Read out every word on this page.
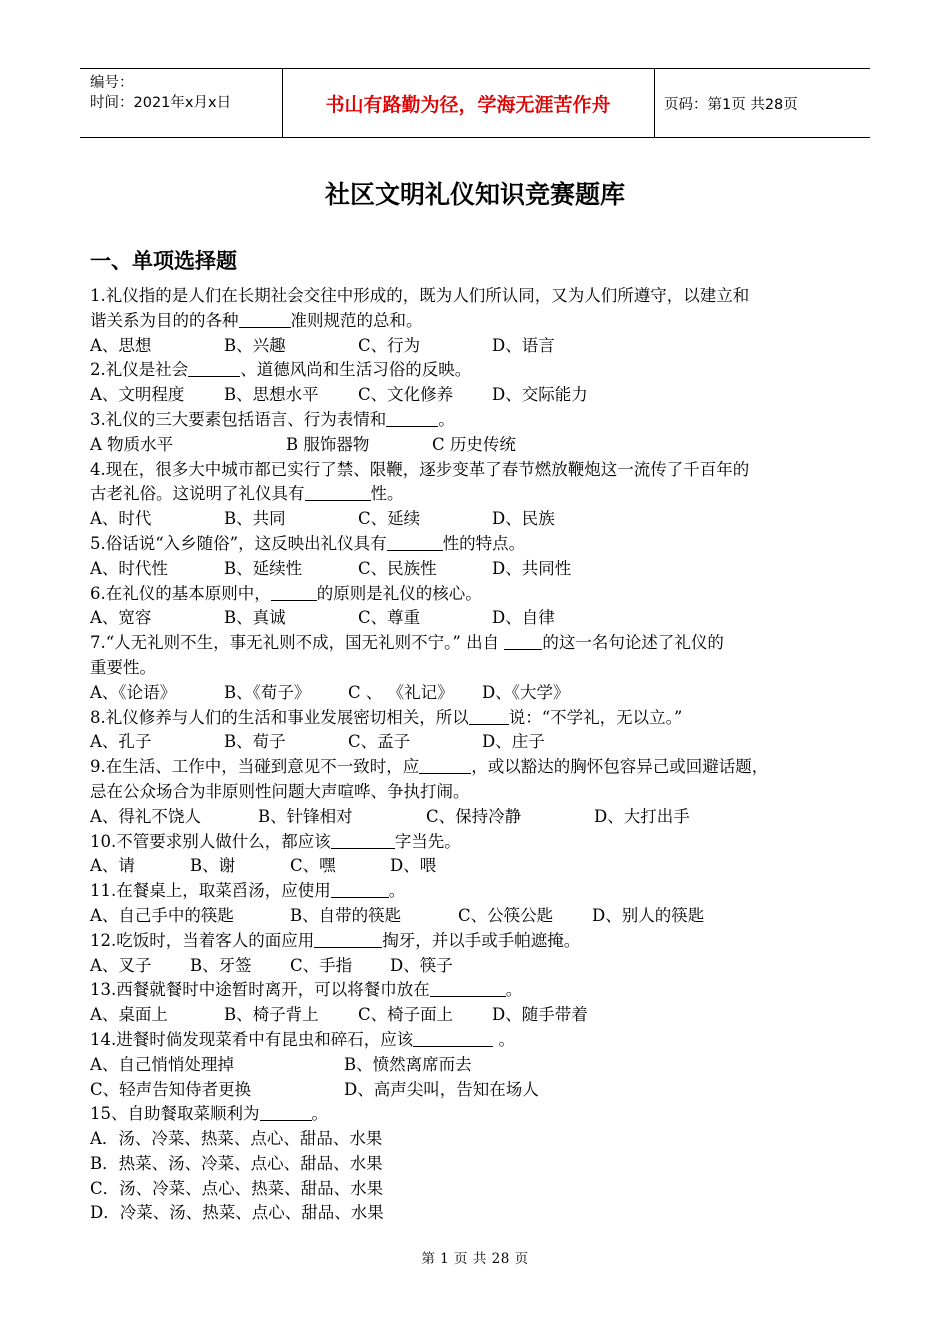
编号：
时间：2021年x月x日	书山有路勤为径，学海无涯苦作舟	页码：第1页 共28页
社区文明礼仪知识竞赛题库
一、单项选择题
1.礼仪指的是人们在长期社会交往中形成的，既为人们所认同，又为人们所遵守，以建立和
谐关系为目的的各种	准则规范的总和。
A、思想	B、兴趣	C、行为	D、语言
2.礼仪是社会	、道德风尚和生活习俗的反映。
A、文明程度	B、思想水平	C、文化修养	D、交际能力
3.礼仪的三大要素包括语言、行为表情和	。
A 物质水平	B 服饰器物	C 历史传统
4.现在，很多大中城市都已实行了禁、限鞭，逐步变革了春节燃放鞭炮这一流传了千百年的
古老礼俗。这说明了礼仪具有	性。
A、时代	B、共同	C、延续	D、民族
5.俗话说“入乡随俗”，这反映出礼仪具有	性的特点。
A、时代性	B、延续性	C、民族性	D、共同性
6.在礼仪的基本原则中，	的原则是礼仪的核心。
A、宽容	B、真诚	C、尊重	D、自律
7.“人无礼则不生，事无礼则不成，国无礼则不宁。” 出自 的这一名句论述了礼仪的
重要性。
A、《论语》	B、《荀子》	C 、 《礼记》	D、《大学》
8.礼仪修养与人们的生活和事业发展密切相关，所以 说：“不学礼，无以立。”
A、孔子	B、荀子	C、孟子	D、庄子
9.在生活、工作中，当碰到意见不一致时，应	，或以豁达的胸怀包容异己或回避话题，
忌在公众场合为非原则性问题大声喧哗、争执打闹。
A、得礼不饶人	B、针锋相对	C、保持冷静	D、大打出手
10.不管要求别人做什么，都应该	字当先。
A、请	B、谢	C、嘿	D、喂
11.在餐桌上，取菜舀汤，应使用	。
A、自己手中的筷匙	B、自带的筷匙	C、公筷公匙	D、别人的筷匙
12.吃饭时，当着客人的面应用	掏牙，并以手或手帕遮掩。
A、叉子	B、牙签	C、手指	D、筷子
13.西餐就餐时中途暂时离开，可以将餐巾放在	。
A、桌面上	B、椅子背上	C、椅子面上	D、随手带着
14.进餐时倘发现菜肴中有昆虫和碎石，应该	。
A、自己悄悄处理掉	B、愤然离席而去
C、轻声告知侍者更换	D、高声尖叫，告知在场人
15、自助餐取菜顺利为	。
A．汤、冷菜、热菜、点心、甜品、水果
B．热菜、汤、冷菜、点心、甜品、水果
C．汤、冷菜、点心、热菜、甜品、水果
D．冷菜、汤、热菜、点心、甜品、水果
第 1 页 共 28 页
